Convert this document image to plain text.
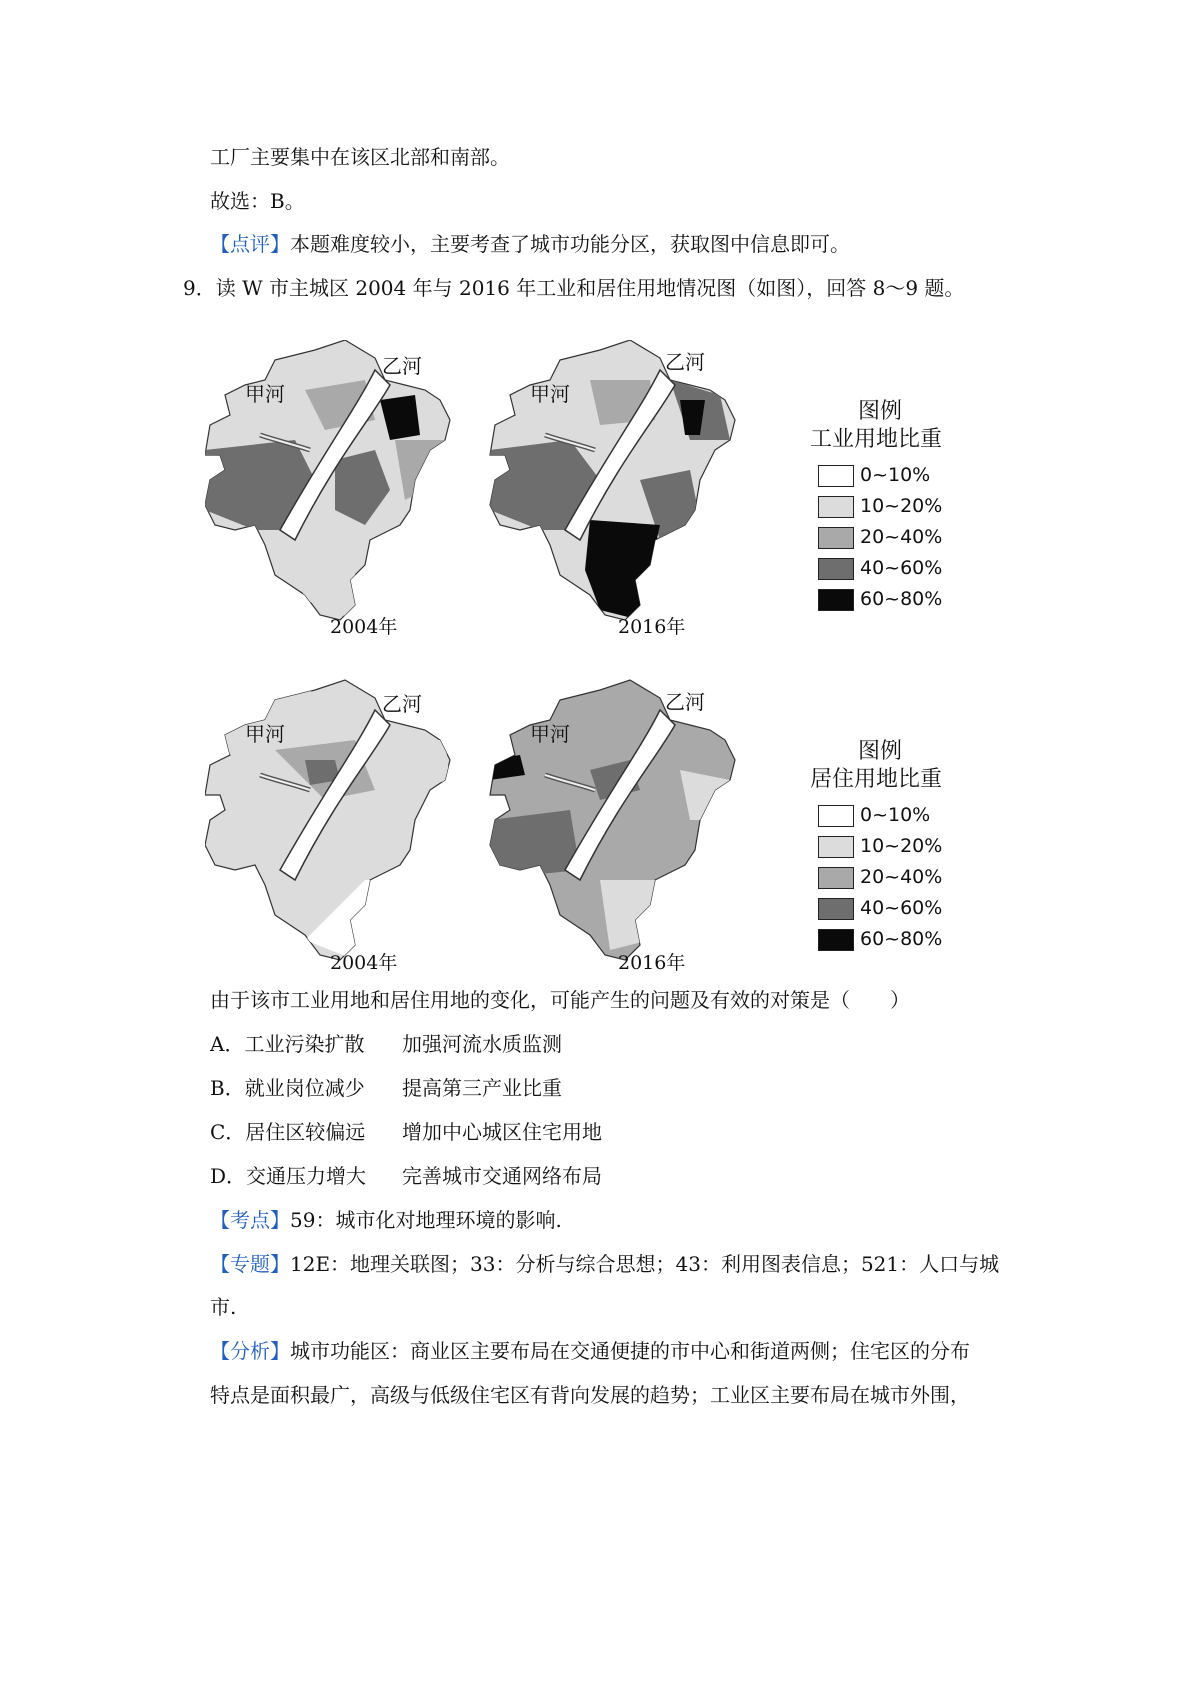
工厂主要集中在该区北部和南部。
故选：B。
【点评】本题难度较小，主要考查了城市功能分区，获取图中信息即可。
9．读 W 市主城区 2004 年与 2016 年工业和居住用地情况图（如图），回答 8～9 题。
甲河
乙河
甲河
乙河
甲河
乙河
甲河
乙河
2004年	2016年
2004年	2016年
图例
工业用地比重
0~10%
10~20%
20~40%
40~60%
60~80%
图例
居住用地比重
0~10%
10~20%
20~40%
40~60%
60~80%
由于该市工业用地和居住用地的变化，可能产生的问题及有效的对策是（　　）
A．工业污染扩散 加强河流水质监测
B．就业岗位减少 提高第三产业比重
C．居住区较偏远 增加中心城区住宅用地
D．交通压力增大 完善城市交通网络布局
【考点】59：城市化对地理环境的影响.
【专题】12E：地理关联图；33：分析与综合思想；43：利用图表信息；521：人口与城
市.
【分析】城市功能区：商业区主要布局在交通便捷的市中心和街道两侧；住宅区的分布
特点是面积最广，高级与低级住宅区有背向发展的趋势；工业区主要布局在城市外围，
